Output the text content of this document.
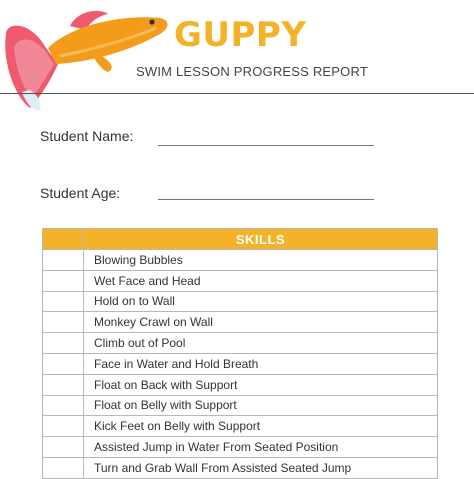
GUPPY
SWIM LESSON PROGRESS REPORT
Student Name:
Student Age:
	SKILLS
	Blowing Bubbles
	Wet Face and Head
	Hold on to Wall
	Monkey Crawl on Wall
	Climb out of Pool
	Face in Water and Hold Breath
	Float on Back with Support
	Float on Belly with Support
	Kick Feet on Belly with Support
	Assisted Jump in Water From Seated Position
	Turn and Grab Wall From Assisted Seated Jump
